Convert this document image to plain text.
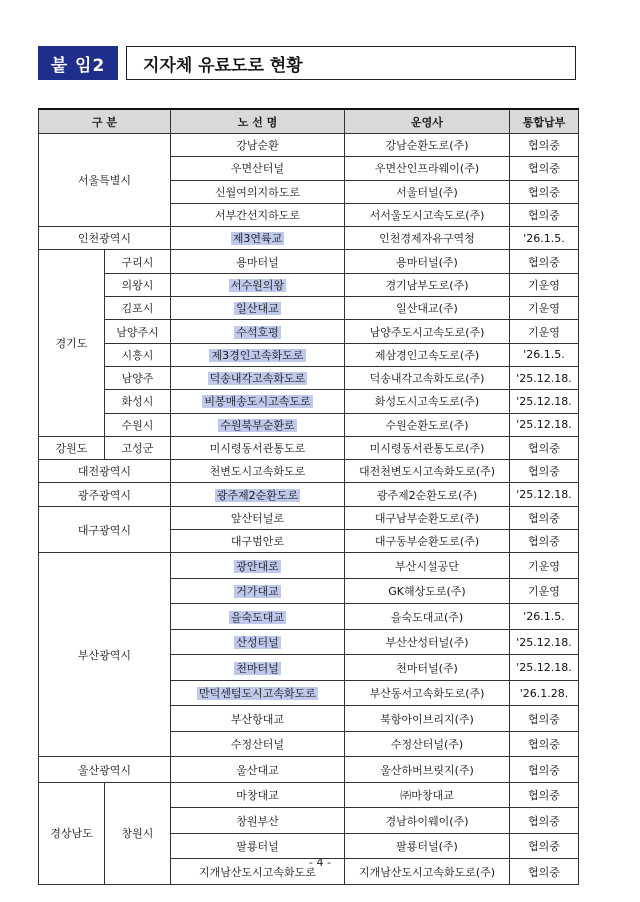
붙 임2	지자체 유료도로 현황
구 분		노 선 명	운영사	통합납부
서울특별시		강남순환	강남순환도로(주)	협의중
		우면산터널	우면산인프라웨이(주)	협의중
		신월여의지하도로	서울터널(주)	협의중
		서부간선지하도로	서서울도시고속도로(주)	협의중
인천광역시		제3연륙교	인천경제자유구역청	'26.1.5.
경기도	구리시	용마터널	용마터널(주)	협의중
	의왕시	서수원의왕	경기남부도로(주)	기운영
	김포시	일산대교	일산대교(주)	기운영
	남양주시	수석호평	남양주도시고속도로(주)	기운영
	시흥시	제3경인고속화도로	제삼경인고속도로(주)	'26.1.5.
	남양주	덕송내각고속화도로	덕송내각고속화도로(주)	'25.12.18.
	화성시	비봉매송도시고속도로	화성도시고속도로(주)	'25.12.18.
	수원시	수원북부순환로	수원순환도로(주)	'25.12.18.
강원도	고성군	미시령동서관통도로	미시령동서관통도로(주)	협의중
대전광역시		천변도시고속화도로	대전천변도시고속화도로(주)	협의중
광주광역시		광주제2순환도로	광주제2순환도로(주)	'25.12.18.
대구광역시		앞산터널로	대구남부순환도로(주)	협의중
		대구범안로	대구동부순환도로(주)	협의중
부산광역시		광안대로	부산시설공단	기운영
		거가대교	GK해상도로(주)	기운영
		을숙도대교	을숙도대교(주)	'26.1.5.
		산성터널	부산산성터널(주)	'25.12.18.
		천마터널	천마터널(주)	'25.12.18.
		만덕센텀도시고속화도로	부산동서고속화도로(주)	'26.1.28.
		부산항대교	북항아이브리지(주)	협의중
		수정산터널	수정산터널(주)	협의중
울산광역시		울산대교	울산하버브릿지(주)	협의중
경상남도	창원시	마창대교	㈜마창대교	협의중
		창원부산	경남하이웨이(주)	협의중
		팔룡터널	팔룡터널(주)	협의중
		지개남산도시고속화도로	지개남산도시고속화도로(주)	협의중
- 4 -
